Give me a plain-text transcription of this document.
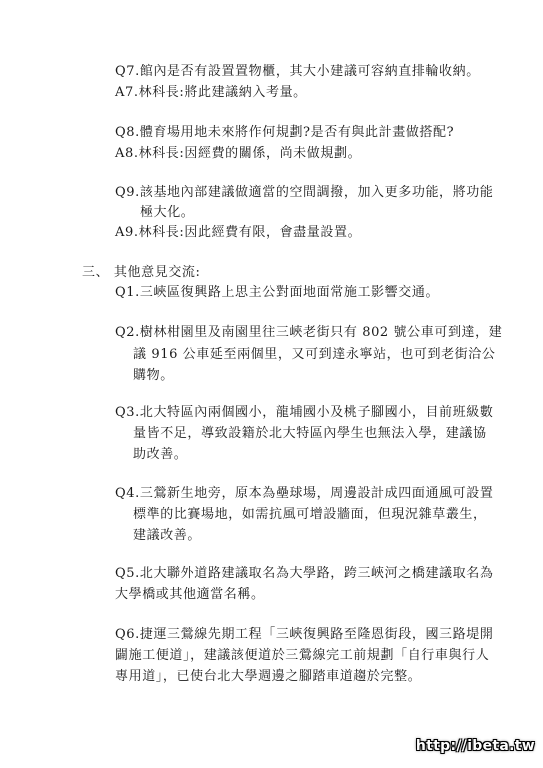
Q7.館內是否有設置置物櫃，其大小建議可容納直排輪收納。
A7.林科長:將此建議納入考量。
Q8.體育場用地未來將作何規劃?是否有與此計畫做搭配?
A8.林科長:因經費的關係，尚未做規劃。
Q9.該基地內部建議做適當的空間調撥，加入更多功能，將功能
極大化。
A9.林科長:因此經費有限，會盡量設置。
三、 其他意見交流:
Q1.三峽區復興路上思主公對面地面常施工影響交通。
Q2.樹林柑園里及南園里往三峽老街只有 802 號公車可到達，建
議 916 公車延至兩個里，又可到達永寧站，也可到老街洽公
購物。
Q3.北大特區內兩個國小，龍埔國小及桃子腳國小，目前班級數
量皆不足，導致設籍於北大特區內學生也無法入學，建議協
助改善。
Q4.三鶯新生地旁，原本為壘球場，周邊設計成四面通風可設置
標準的比賽場地，如需抗風可增設牆面，但現況雜草叢生，
建議改善。
Q5.北大聯外道路建議取名為大學路，跨三峽河之橋建議取名為
大學橋或其他適當名稱。
Q6.捷運三鶯線先期工程「三峽復興路至隆恩街段，國三路堤開
闢施工便道」，建議該便道於三鶯線完工前規劃「自行車與行人
專用道」，已使台北大學週邊之腳踏車道趨於完整。
http://ibeta.tw
